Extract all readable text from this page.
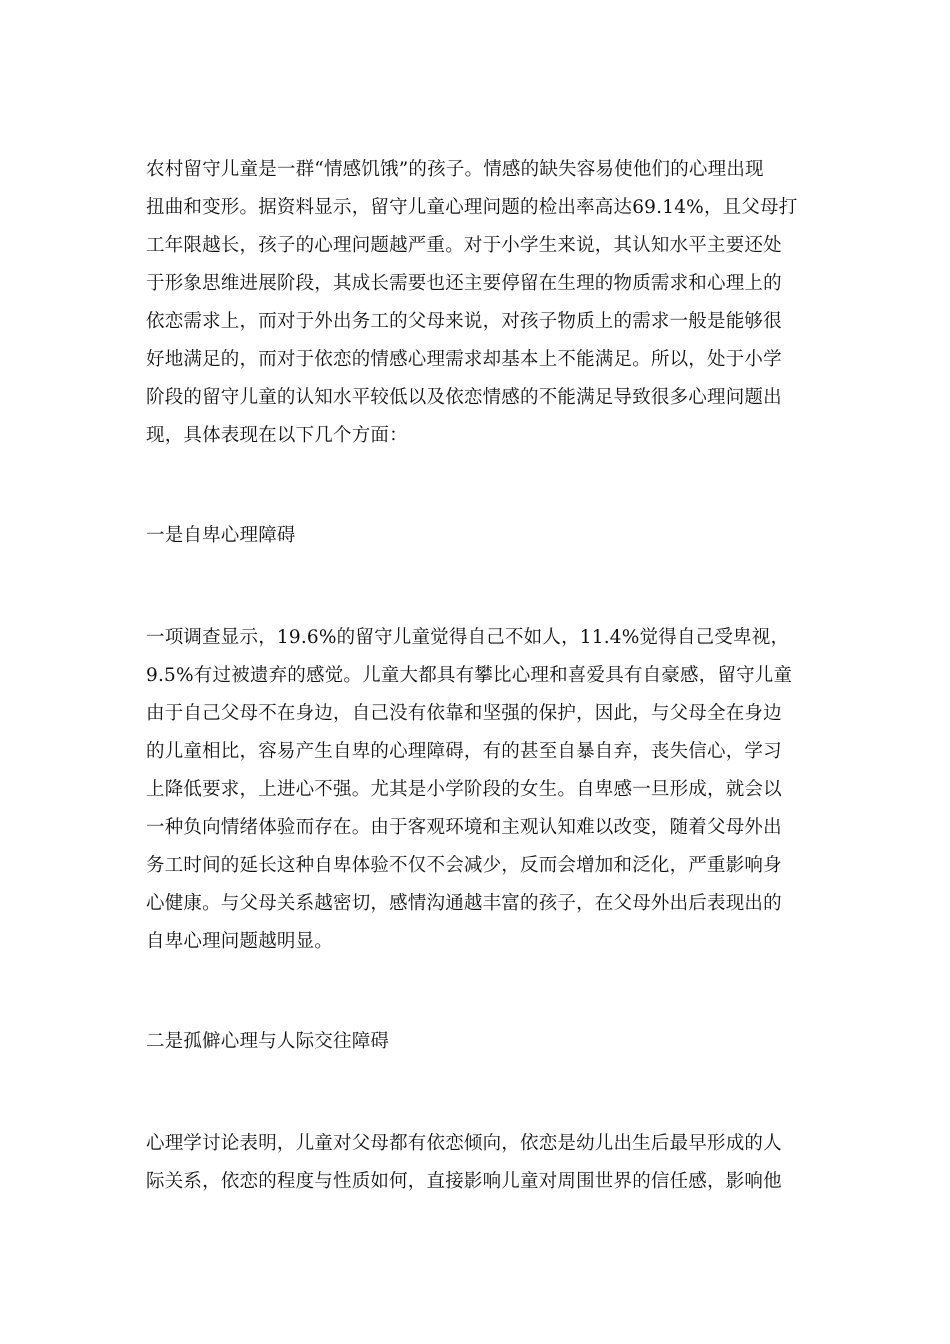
农村留守儿童是一群“情感饥饿”的孩子。情感的缺失容易使他们的心理出现
扭曲和变形。据资料显示，留守儿童心理问题的检出率高达69.14%，且父母打
工年限越长，孩子的心理问题越严重。对于小学生来说，其认知水平主要还处
于形象思维进展阶段，其成长需要也还主要停留在生理的物质需求和心理上的
依恋需求上，而对于外出务工的父母来说，对孩子物质上的需求一般是能够很
好地满足的，而对于依恋的情感心理需求却基本上不能满足。所以，处于小学
阶段的留守儿童的认知水平较低以及依恋情感的不能满足导致很多心理问题出
现，具体表现在以下几个方面：
一是自卑心理障碍
一项调查显示，19.6%的留守儿童觉得自己不如人，11.4%觉得自己受卑视，
9.5%有过被遗弃的感觉。儿童大都具有攀比心理和喜爱具有自豪感，留守儿童
由于自己父母不在身边，自己没有依靠和坚强的保护，因此，与父母全在身边
的儿童相比，容易产生自卑的心理障碍，有的甚至自暴自弃，丧失信心，学习
上降低要求，上进心不强。尤其是小学阶段的女生。自卑感一旦形成，就会以
一种负向情绪体验而存在。由于客观环境和主观认知难以改变，随着父母外出
务工时间的延长这种自卑体验不仅不会减少，反而会增加和泛化，严重影响身
心健康。与父母关系越密切，感情沟通越丰富的孩子，在父母外出后表现出的
自卑心理问题越明显。
二是孤僻心理与人际交往障碍
心理学讨论表明，儿童对父母都有依恋倾向，依恋是幼儿出生后最早形成的人
际关系，依恋的程度与性质如何，直接影响儿童对周围世界的信任感，影响他
